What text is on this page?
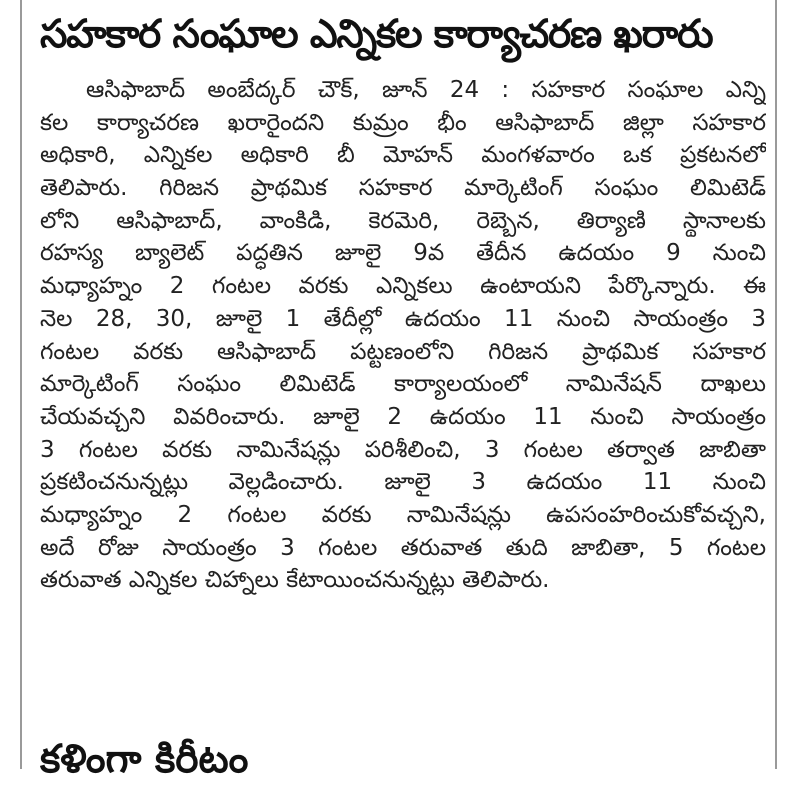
సహకార సంఘాల ఎన్నికల కార్యాచరణ ఖరారు
ఆసిఫాబాద్ అంబేద్కర్ చౌక్, జూన్ 24 : సహకార సంఘాల ఎన్ని
కల కార్యాచరణ ఖరారైందని కుమ్రం భీం ఆసిఫాబాద్ జిల్లా సహకార
అధికారి, ఎన్నికల అధికారి బీ మోహన్ మంగళవారం ఒక ప్రకటనలో
తెలిపారు. గిరిజన ప్రాథమిక సహకార మార్కెటింగ్ సంఘం లిమిటెడ్
లోని ఆసిఫాబాద్, వాంకిడి, కెరమెరి, రెబ్బెన, తిర్యాణి స్థానాలకు
రహస్య బ్యాలెట్ పద్ధతిన జూలై 9వ తేదీన ఉదయం 9 నుంచి
మధ్యాహ్నం 2 గంటల వరకు ఎన్నికలు ఉంటాయని పేర్కొన్నారు. ఈ
నెల 28, 30, జూలై 1 తేదీల్లో ఉదయం 11 నుంచి సాయంత్రం 3
గంటల వరకు ఆసిఫాబాద్ పట్టణంలోని గిరిజన ప్రాథమిక సహకార
మార్కెటింగ్ సంఘం లిమిటెడ్ కార్యాలయంలో నామినేషన్ దాఖలు
చేయవచ్చని వివరించారు. జూలై 2 ఉదయం 11 నుంచి సాయంత్రం
3 గంటల వరకు నామినేషన్లు పరిశీలించి, 3 గంటల తర్వాత జాబితా
ప్రకటించనున్నట్లు వెల్లడించారు. జూలై 3 ఉదయం 11 నుంచి
మధ్యాహ్నం 2 గంటల వరకు నామినేషన్లు ఉపసంహరించుకోవచ్చని,
అదే రోజు సాయంత్రం 3 గంటల తరువాత తుది జాబితా, 5 గంటల
తరువాత ఎన్నికల చిహ్నాలు కేటాయించనున్నట్లు తెలిపారు.
కళింగా కిరీటం
